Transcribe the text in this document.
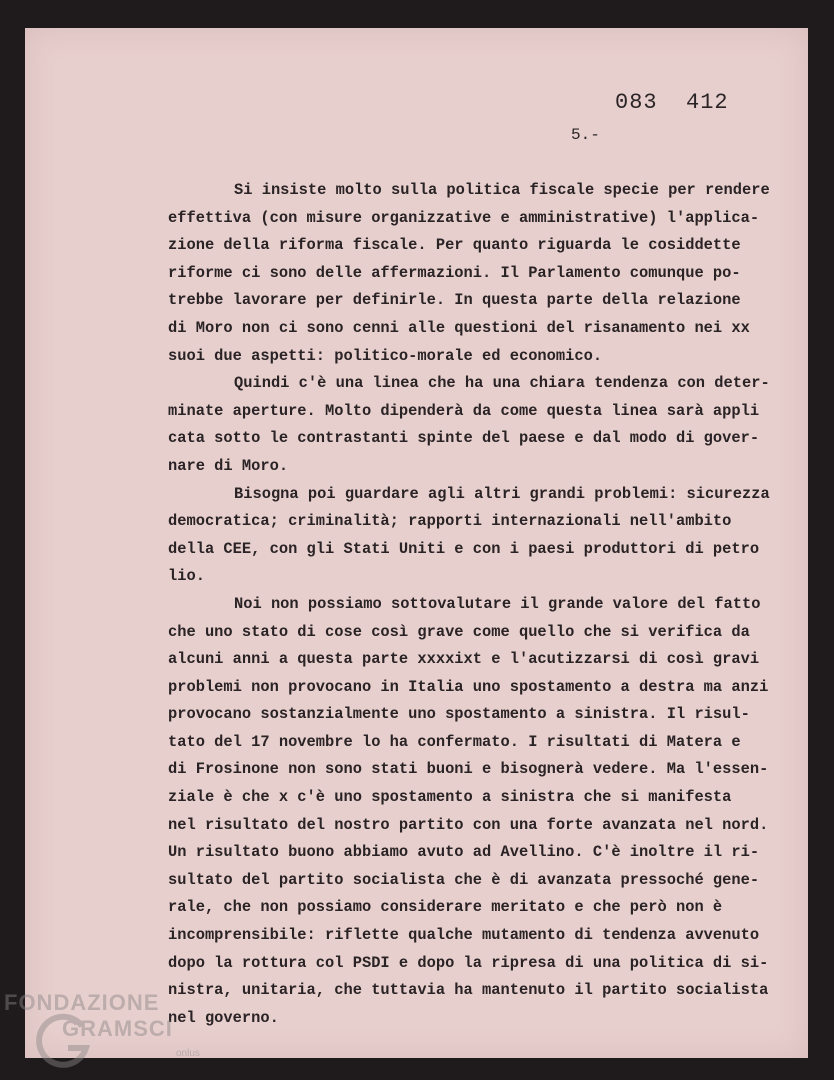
083  412
5.-
Si insiste molto sulla politica fiscale specie per rendere
effettiva (con misure organizzative e amministrative) l'applica-
zione della riforma fiscale. Per quanto riguarda le cosiddette
riforme ci sono delle affermazioni. Il Parlamento comunque po-
trebbe lavorare per definirle. In questa parte della relazione
di Moro non ci sono cenni alle questioni del risanamento nei xx
suoi due aspetti: politico-morale ed economico.
Quindi c'è una linea che ha una chiara tendenza con deter-
minate aperture. Molto dipenderà da come questa linea sarà appli
cata sotto le contrastanti spinte del paese e dal modo di gover-
nare di Moro.
Bisogna poi guardare agli altri grandi problemi: sicurezza
democratica; criminalità; rapporti internazionali nell'ambito
della CEE, con gli Stati Uniti e con i paesi produttori di petro
lio.
Noi non possiamo sottovalutare il grande valore del fatto
che uno stato di cose così grave come quello che si verifica da
alcuni anni a questa parte xxxxixt e l'acutizzarsi di così gravi
problemi non provocano in Italia uno spostamento a destra ma anzi
provocano sostanzialmente uno spostamento a sinistra. Il risul-
tato del 17 novembre lo ha confermato. I risultati di Matera e
di Frosinone non sono stati buoni e bisognerà vedere. Ma l'essen-
ziale è che x c'è uno spostamento a sinistra che si manifesta
nel risultato del nostro partito con una forte avanzata nel nord.
Un risultato buono abbiamo avuto ad Avellino. C'è inoltre il ri-
sultato del partito socialista che è di avanzata pressoché gene-
rale, che non possiamo considerare meritato e che però non è
incomprensibile: riflette qualche mutamento di tendenza avvenuto
dopo la rottura col PSDI e dopo la ripresa di una politica di si-
nistra, unitaria, che tuttavia ha mantenuto il partito socialista
nel governo.
FONDAZIONE
GRAMSCI
onlus
